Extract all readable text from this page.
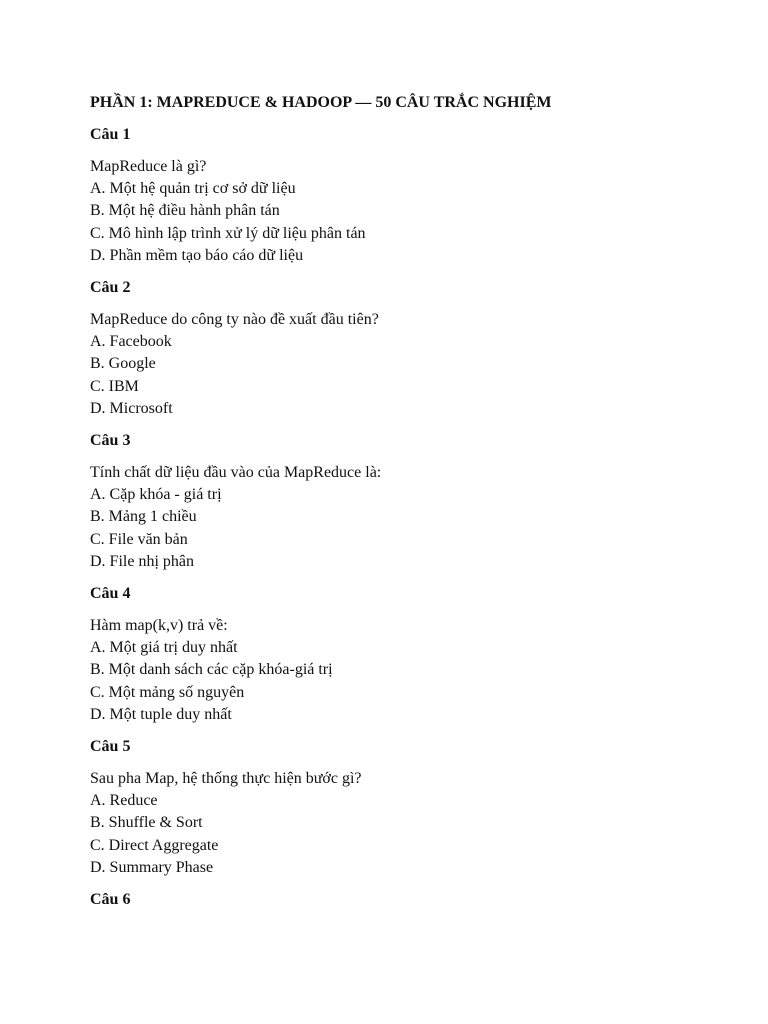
PHẦN 1: MAPREDUCE & HADOOP — 50 CÂU TRẮC NGHIỆM
Câu 1
MapReduce là gì?
A. Một hệ quản trị cơ sở dữ liệu
B. Một hệ điều hành phân tán
C. Mô hình lập trình xử lý dữ liệu phân tán
D. Phần mềm tạo báo cáo dữ liệu
Câu 2
MapReduce do công ty nào đề xuất đầu tiên?
A. Facebook
B. Google
C. IBM
D. Microsoft
Câu 3
Tính chất dữ liệu đầu vào của MapReduce là:
A. Cặp khóa - giá trị
B. Mảng 1 chiều
C. File văn bản
D. File nhị phân
Câu 4
Hàm map(k,v) trả về:
A. Một giá trị duy nhất
B. Một danh sách các cặp khóa-giá trị
C. Một mảng số nguyên
D. Một tuple duy nhất
Câu 5
Sau pha Map, hệ thống thực hiện bước gì?
A. Reduce
B. Shuffle & Sort
C. Direct Aggregate
D. Summary Phase
Câu 6
